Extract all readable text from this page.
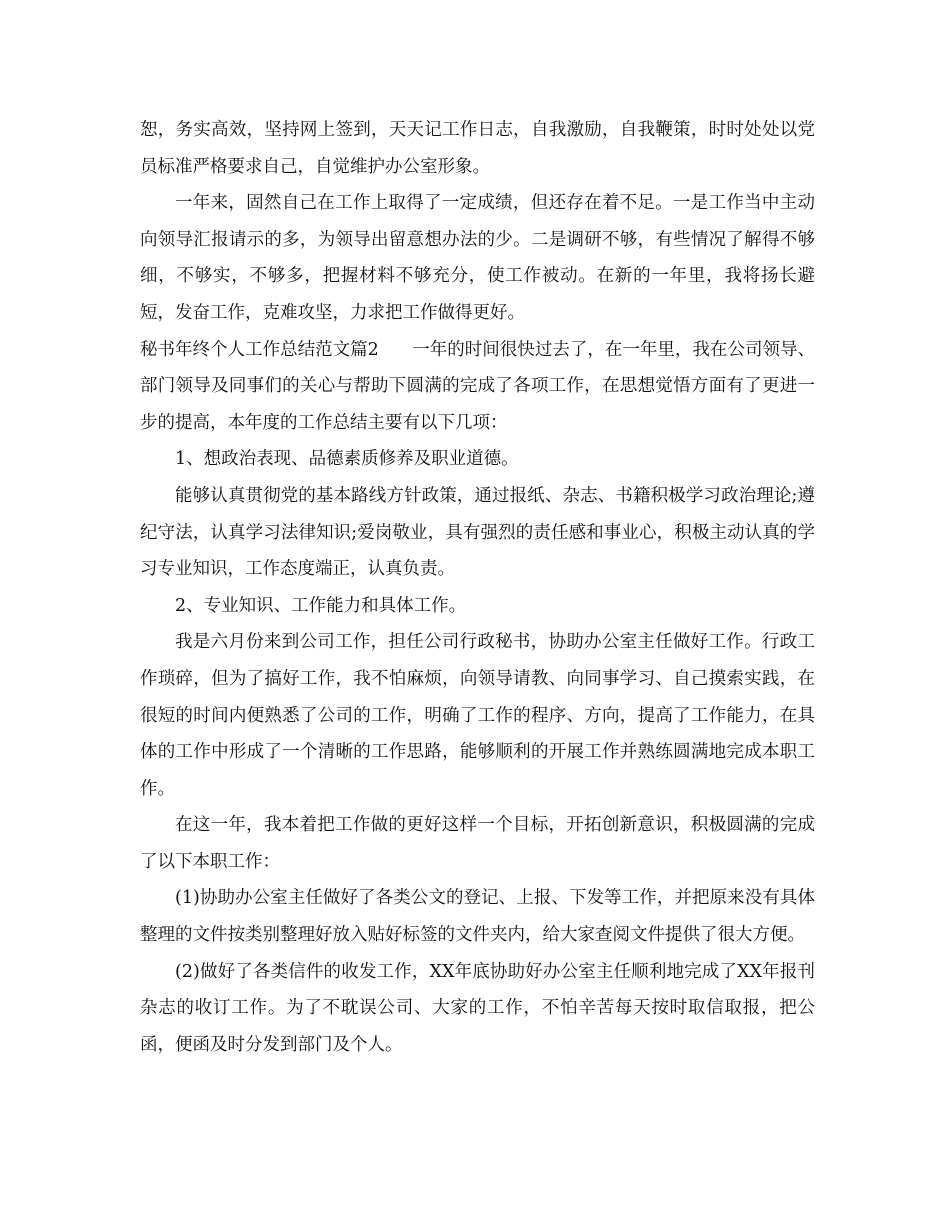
恕，务实高效，坚持网上签到，天天记工作日志，自我激励，自我鞭策，时时处处以党员标准严格要求自己，自觉维护办公室形象。

一年来，固然自己在工作上取得了一定成绩，但还存在着不足。一是工作当中主动向领导汇报请示的多，为领导出留意想办法的少。二是调研不够，有些情况了解得不够细，不够实，不够多，把握材料不够充分，使工作被动。在新的一年里，我将扬长避短，发奋工作，克难攻坚，力求把工作做得更好。

秘书年终个人工作总结范文篇2      一年的时间很快过去了，在一年里，我在公司领导、部门领导及同事们的关心与帮助下圆满的完成了各项工作，在思想觉悟方面有了更进一步的提高，本年度的工作总结主要有以下几项：

1、想政治表现、品德素质修养及职业道德。

能够认真贯彻党的基本路线方针政策，通过报纸、杂志、书籍积极学习政治理论;遵纪守法，认真学习法律知识;爱岗敬业，具有强烈的责任感和事业心，积极主动认真的学习专业知识，工作态度端正，认真负责。

2、专业知识、工作能力和具体工作。

我是六月份来到公司工作，担任公司行政秘书，协助办公室主任做好工作。行政工作琐碎，但为了搞好工作，我不怕麻烦，向领导请教、向同事学习、自己摸索实践，在很短的时间内便熟悉了公司的工作，明确了工作的程序、方向，提高了工作能力，在具体的工作中形成了一个清晰的工作思路，能够顺利的开展工作并熟练圆满地完成本职工作。

在这一年，我本着把工作做的更好这样一个目标，开拓创新意识，积极圆满的完成了以下本职工作：

(1)协助办公室主任做好了各类公文的登记、上报、下发等工作，并把原来没有具体整理的文件按类别整理好放入贴好标签的文件夹内，给大家查阅文件提供了很大方便。

(2)做好了各类信件的收发工作，XX年底协助好办公室主任顺利地完成了XX年报刊杂志的收订工作。为了不耽误公司、大家的工作，不怕辛苦每天按时取信取报，把公函，便函及时分发到部门及个人。
